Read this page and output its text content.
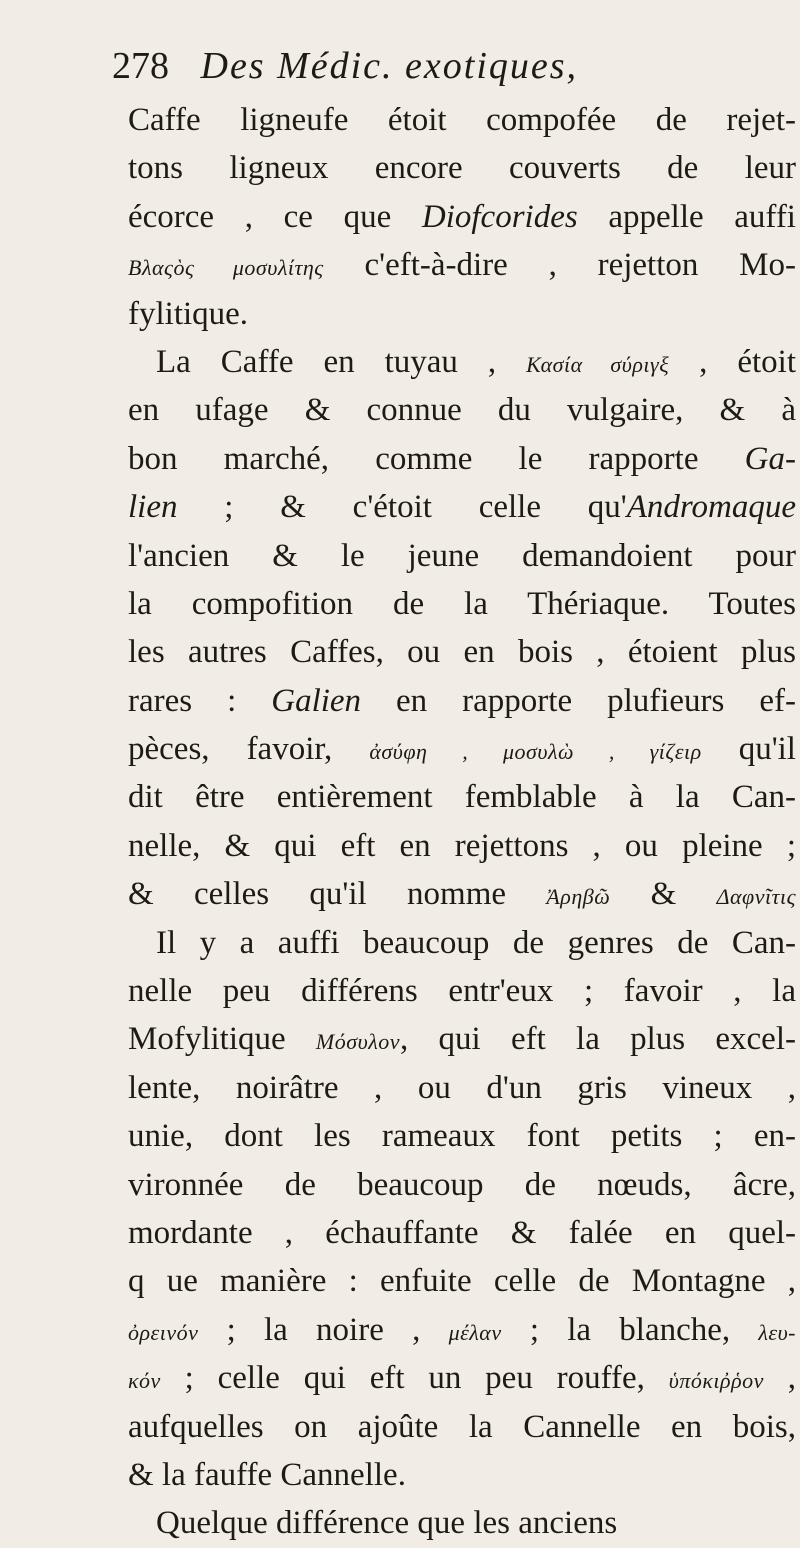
278 Des Médic. exotiques,
Caffe ligneufe étoit compofée de rejet-
tons ligneux encore couverts de leur
écorce , ce que Diofcorides appelle auffi
Βλαςὸς μοσυλίτης c'eft-à-dire , rejetton Mo-
fylitique.
La Caffe en tuyau , Κασία σύριγξ , étoit
en ufage & connue du vulgaire, & à
bon marché, comme le rapporte Ga-
lien ; & c'étoit celle qu'Andromaque
l'ancien & le jeune demandoient pour
la compofition de la Thériaque. Toutes
les autres Caffes, ou en bois , étoient plus
rares : Galien en rapporte plufieurs ef-
pèces, favoir, ἀσύφη , μοσυλὼ , γίζειρ qu'il
dit être entièrement femblable à la Can-
nelle, & qui eft en rejettons , ou pleine ;
& celles qu'il nomme Ἀρηβῶ & Δαφνῖτις
Il y a auffi beaucoup de genres de Can-
nelle peu différens entr'eux ; favoir , la
Mofylitique Μόσυλον, qui eft la plus excel-
lente, noirâtre , ou d'un gris vineux ,
unie, dont les rameaux font petits ; en-
vironnée de beaucoup de nœuds, âcre,
mordante , échauffante & falée en quel-
q ue manière : enfuite celle de Montagne ,
ὀρεινόν ; la noire , μέλαν ; la blanche, λευ-
κόν ; celle qui eft un peu rouffe, ὑπόκιῤῥον ,
aufquelles on ajoûte la Cannelle en bois,
& la fauffe Cannelle.
Quelque différence que les anciens
